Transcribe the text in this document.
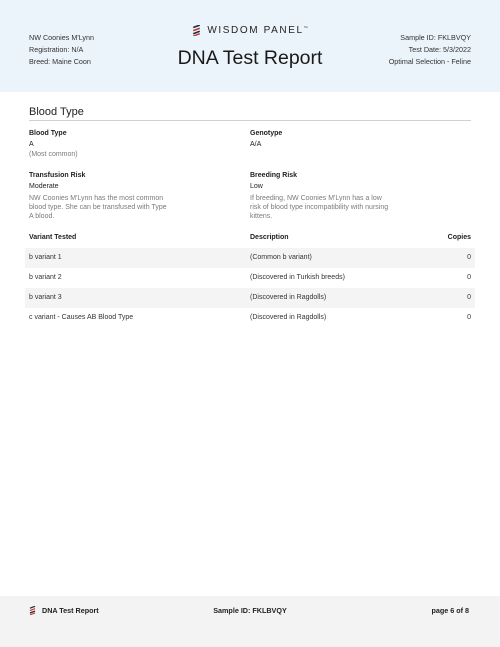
NW Coonies M'Lynn
Registration: N/A
Breed: Maine Coon
WISDOM PANEL™
DNA Test Report
Sample ID: FKLBVQY
Test Date: 5/3/2022
Optimal Selection - Feline
Blood Type
Blood Type
A
(Most common)
Genotype
A/A
Transfusion Risk
Moderate
NW Coonies M'Lynn has the most common blood type. She can be transfused with Type A blood.
Breeding Risk
Low
If breeding, NW Coonies M'Lynn has a low risk of blood type incompatibility with nursing kittens.
Variant Tested	Description	Copies
b variant 1	(Common b variant)	0
b variant 2	(Discovered in Turkish breeds)	0
b variant 3	(Discovered in Ragdolls)	0
c variant - Causes AB Blood Type	(Discovered in Ragdolls)	0
DNA Test Report	Sample ID: FKLBVQY	page 6 of 8
